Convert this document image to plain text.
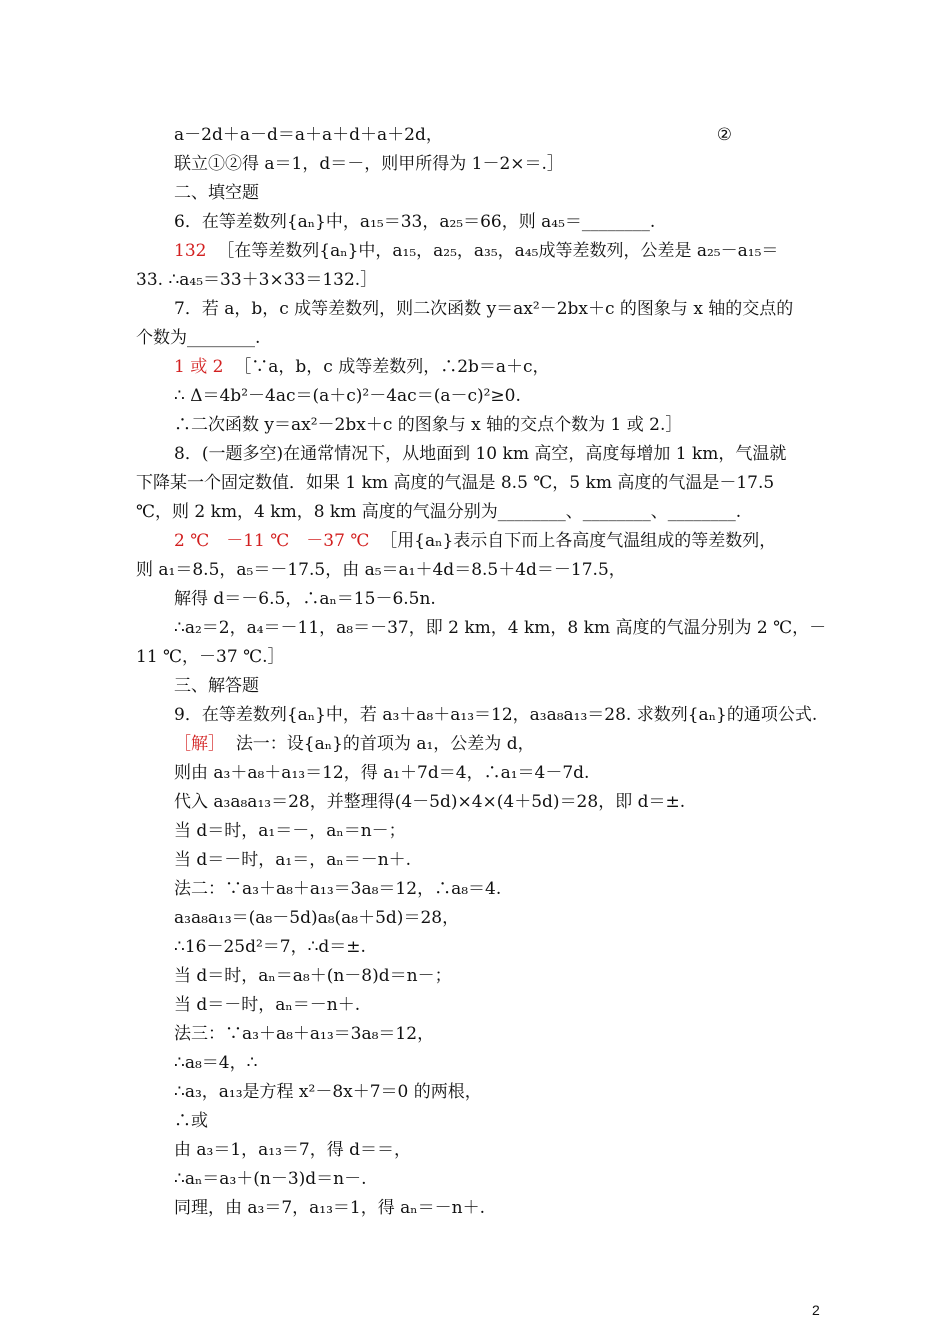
a－2d＋a－d＝a＋a＋d＋a＋2d，	②
联立①②得 a＝1，d＝－，则甲所得为 1－2×＝.］
二、填空题
6．在等差数列{aₙ}中，a₁₅＝33，a₂₅＝66，则 a₄₅＝________.
132 ［在等差数列{aₙ}中，a₁₅，a₂₅，a₃₅，a₄₅成等差数列，公差是 a₂₅－a₁₅＝
33. ∴a₄₅＝33＋3×33＝132.］
7．若 a，b，c 成等差数列，则二次函数 y＝ax²－2bx＋c 的图象与 x 轴的交点的
个数为________.
1 或 2 ［∵a，b，c 成等差数列，∴2b＝a＋c，
∴ Δ＝4b²－4ac＝(a＋c)²－4ac＝(a－c)²≥0.
∴二次函数 y＝ax²－2bx＋c 的图象与 x 轴的交点个数为 1 或 2.］
8．(一题多空)在通常情况下，从地面到 10 km 高空，高度每增加 1 km，气温就
下降某一个固定数值．如果 1 km 高度的气温是 8.5 ℃，5 km 高度的气温是－17.5
℃，则 2 km，4 km，8 km 高度的气温分别为________、________、________.
2 ℃　－11 ℃　－37 ℃ ［用{aₙ}表示自下而上各高度气温组成的等差数列，
则 a₁＝8.5，a₅＝－17.5，由 a₅＝a₁＋4d＝8.5＋4d＝－17.5，
解得 d＝－6.5，∴aₙ＝15－6.5n.
∴a₂＝2，a₄＝－11，a₈＝－37，即 2 km，4 km，8 km 高度的气温分别为 2 ℃，－
11 ℃，－37 ℃.］
三、解答题
9．在等差数列{aₙ}中，若 a₃＋a₈＋a₁₃＝12，a₃a₈a₁₃＝28. 求数列{aₙ}的通项公式.
［解］ 法一：设{aₙ}的首项为 a₁，公差为 d，
则由 a₃＋a₈＋a₁₃＝12，得 a₁＋7d＝4，∴a₁＝4－7d.
代入 a₃a₈a₁₃＝28，并整理得(4－5d)×4×(4＋5d)＝28，即 d＝±.
当 d＝时，a₁＝－，aₙ＝n－；
当 d＝－时，a₁＝，aₙ＝－n＋.
法二：∵a₃＋a₈＋a₁₃＝3a₈＝12，∴a₈＝4.
a₃a₈a₁₃＝(a₈－5d)a₈(a₈＋5d)＝28，
∴16－25d²＝7，∴d＝±.
当 d＝时，aₙ＝a₈＋(n－8)d＝n－；
当 d＝－时，aₙ＝－n＋.
法三：∵a₃＋a₈＋a₁₃＝3a₈＝12，
∴a₈＝4，∴
∴a₃，a₁₃是方程 x²－8x＋7＝0 的两根，
∴或
由 a₃＝1，a₁₃＝7，得 d＝＝，
∴aₙ＝a₃＋(n－3)d＝n－.
同理，由 a₃＝7，a₁₃＝1，得 aₙ＝－n＋.
2
